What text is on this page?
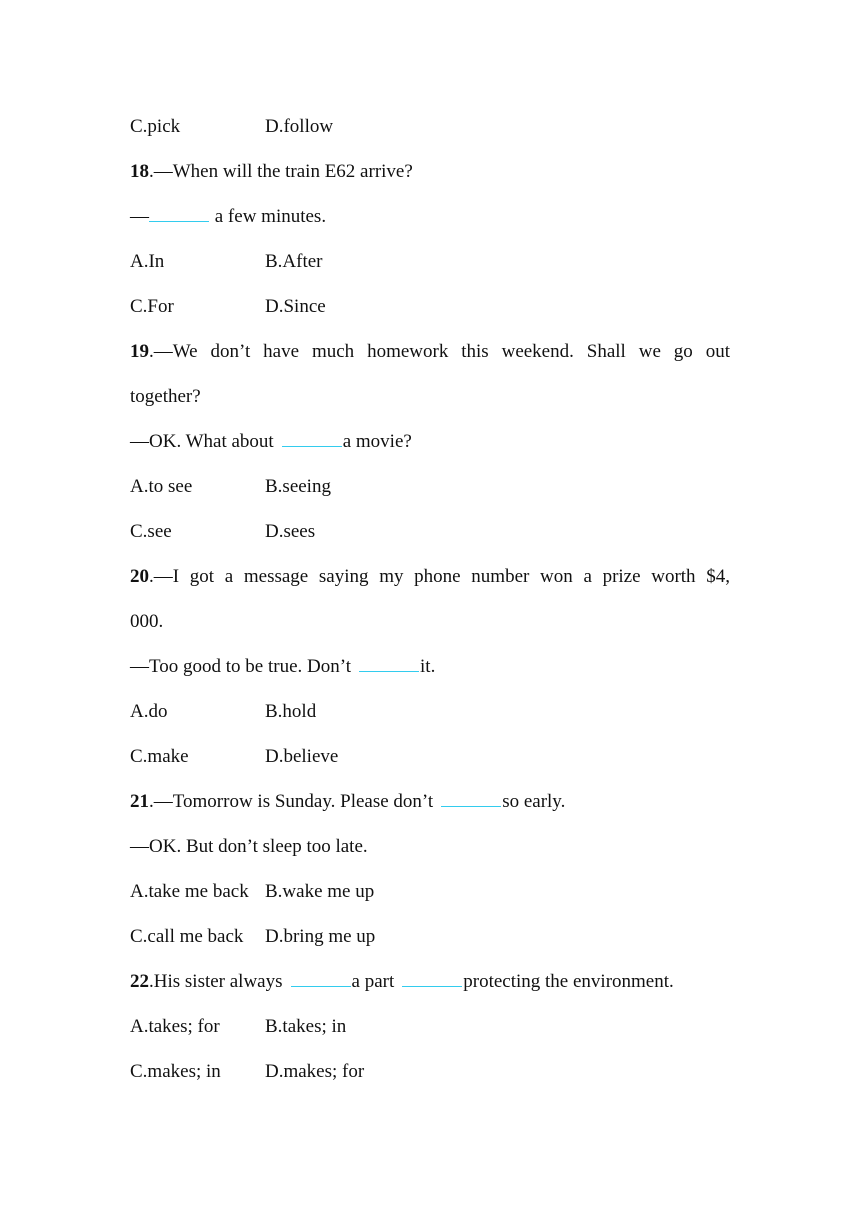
C.pick	D.follow
18.—When will the train E62 arrive?
—	a few minutes.
A.In	B.After
C.For	D.Since
19.—We don’t have much homework this weekend. Shall we go out
together?
—OK. What about	a movie?
A.to see	B.seeing
C.see	D.sees
20.—I got a message saying my phone number won a prize worth $4,
000.
—Too good to be true. Don’t	it.
A.do	B.hold
C.make	D.believe
21.—Tomorrow is Sunday. Please don’t	so early.
—OK. But don’t sleep too late.
A.take me back B.wake me up
C.call me back D.bring me up
22.His sister always	a part	protecting the environment.
A.takes; for B.takes; in
C.makes; in D.makes; for
